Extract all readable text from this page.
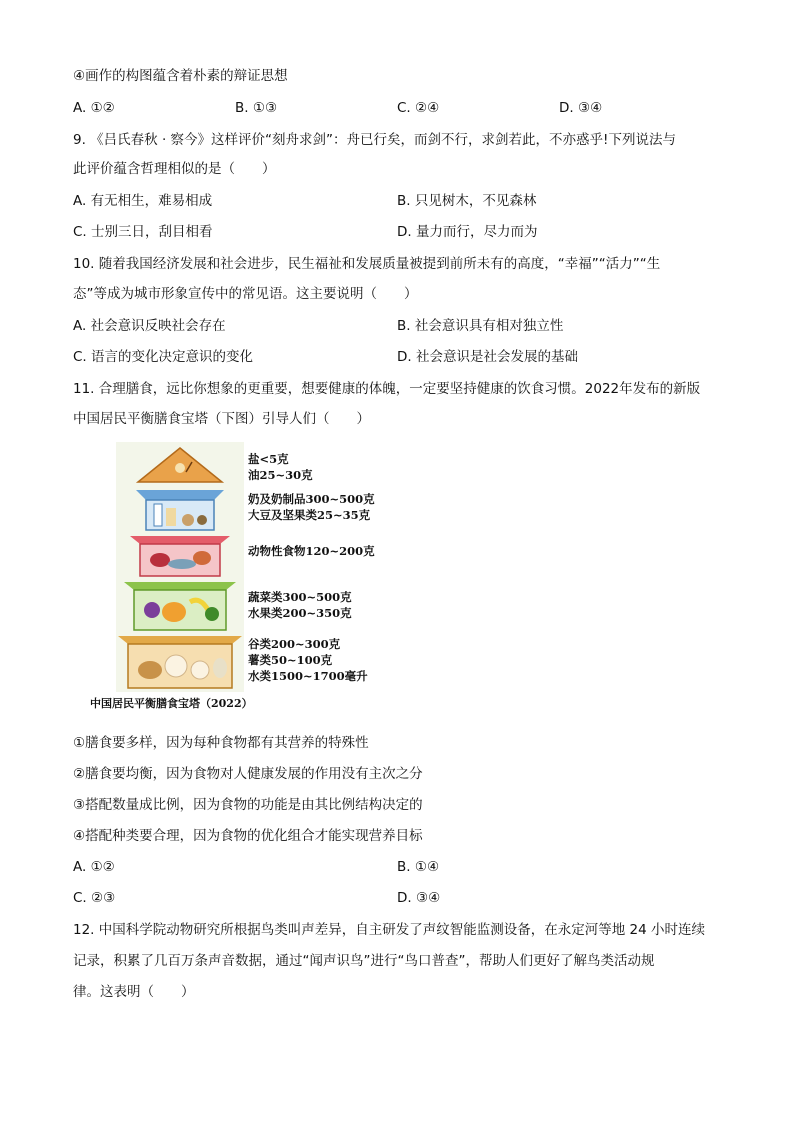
④画作的构图蕴含着朴素的辩证思想
A. ①②	B. ①③	C. ②④	D. ③④
9. 《吕氏春秋 · 察今》这样评价“刻舟求剑”：舟已行矣，而剑不行，求剑若此，不亦惑乎!下列说法与
此评价蕴含哲理相似的是（　　）
A. 有无相生，难易相成	B. 只见树木，不见森林
C. 士别三日，刮目相看	D. 量力而行，尽力而为
10. 随着我国经济发展和社会进步，民生福祉和发展质量被提到前所未有的高度，“幸福”“活力”“生
态”等成为城市形象宣传中的常见语。这主要说明（　　）
A. 社会意识反映社会存在	B. 社会意识具有相对独立性
C. 语言的变化决定意识的变化	D. 社会意识是社会发展的基础
11. 合理膳食，远比你想象的更重要，想要健康的体魄，一定要坚持健康的饮食习惯。2022年发布的新版
中国居民平衡膳食宝塔（下图）引导人们（　　）
盐<5克
油25~30克
奶及奶制品300~500克
大豆及坚果类25~35克
动物性食物120~200克
蔬菜类300~500克
水果类200~350克
谷类200~300克
薯类50~100克
水类1500~1700毫升
中国居民平衡膳食宝塔（2022）
①膳食要多样，因为每种食物都有其营养的特殊性
②膳食要均衡，因为食物对人健康发展的作用没有主次之分
③搭配数量成比例，因为食物的功能是由其比例结构决定的
④搭配种类要合理，因为食物的优化组合才能实现营养目标
A. ①②	B. ①④
C. ②③	D. ③④
12. 中国科学院动物研究所根据鸟类叫声差异，自主研发了声纹智能监测设备，在永定河等地 24 小时连续
记录，积累了几百万条声音数据，通过“闻声识鸟”进行“鸟口普查”，帮助人们更好了解鸟类活动规
律。这表明（　　）
